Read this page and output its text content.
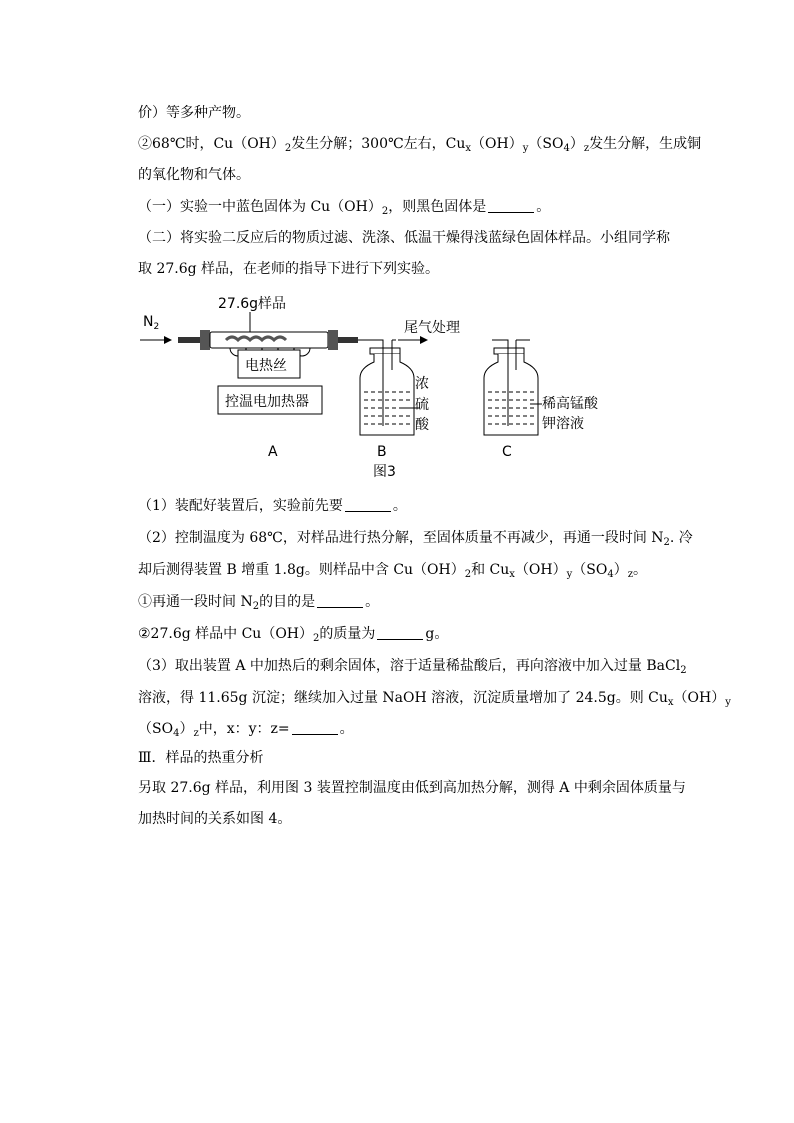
价）等多种产物。
②68℃时，$Cu(OH)_2$发生分解；300℃左右，$Cu_x(OH)_y(SO_4)_z$发生分解，生成铜
的氧化物和气体。
（一）实验一中蓝色固体为 $Cu(OH)_2$，则黑色固体是	。
（二）将实验二反应后的物质过滤、洗涤、低温干燥得浅蓝绿色固体样品。小组同学称
取 27.6g 样品，在老师的指导下进行下列实验。
27.6g样品
$N_2$
电热丝
控温电加热器
尾气处理
浓
硫
酸
稀高锰酸
钾溶液
A	B	C
图3
（1）装配好装置后，实验前先要	。
（2）控制温度为 68℃，对样品进行热分解，至固体质量不再减少，再通一段时间 $N_2$. 冷
却后测得装置 B 增重 1.8g。则样品中含 $Cu(OH)_2$和 $Cu_x(OH)_y(SO_4)_z$。
①再通一段时间 $N_2$的目的是	。
②27.6g 样品中 $Cu(OH)_2$的质量为	g。
（3）取出装置 A 中加热后的剩余固体，溶于适量稀盐酸后，再向溶液中加入过量 BaCl$_2$
溶液，得 11.65g 沉淀；继续加入过量 NaOH 溶液，沉淀质量增加了 24.5g。则 $Cu_x(OH)_y$
$(SO_4)_z$中，x：y：z=	。
Ⅲ．样品的热重分析
另取 27.6g 样品，利用图 3 装置控制温度由低到高加热分解，测得 A 中剩余固体质量与
加热时间的关系如图 4。
